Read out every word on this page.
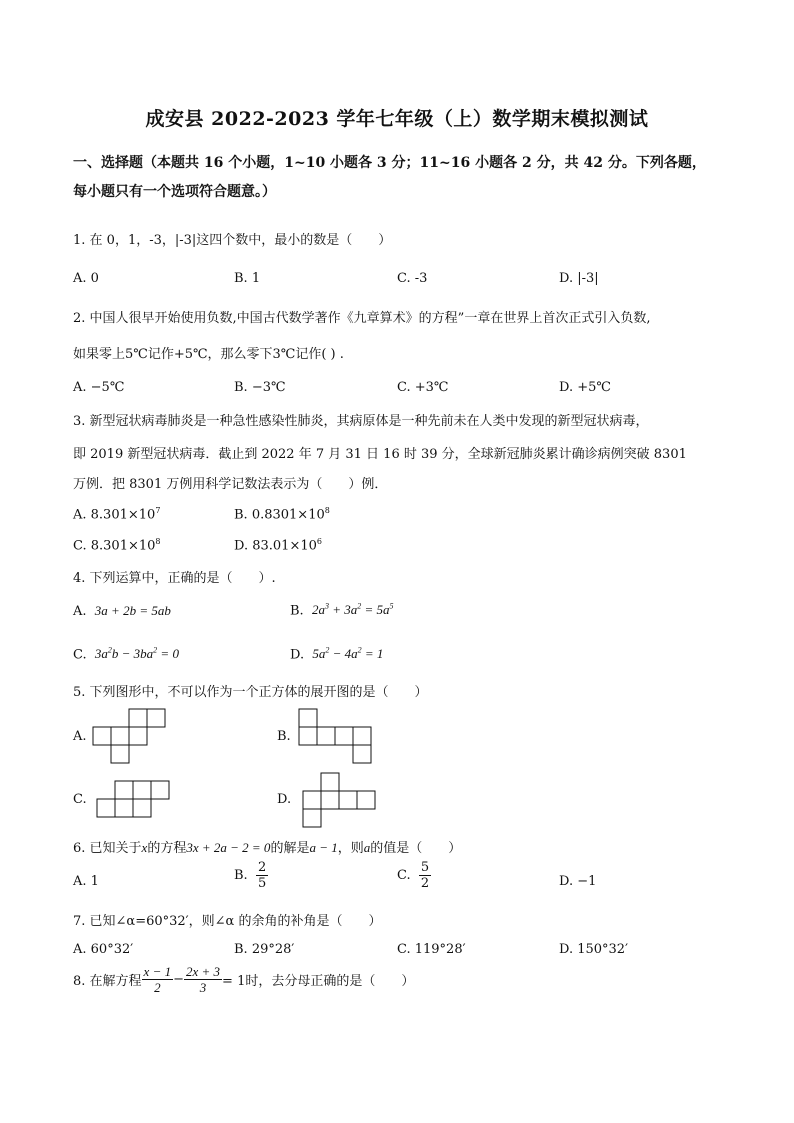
成安县 2022-2023 学年七年级（上）数学期末模拟测试
一、选择题（本题共 16 个小题，1~10 小题各 3 分；11~16 小题各 2 分，共 42 分。下列各题，
每小题只有一个选项符合题意。）
1. 在 0，1，-3，|-3|这四个数中，最小的数是（　　）
A. 0	B. 1	C. -3	D. |-3|
2. 中国人很早开始使用负数,中国古代数学著作《九章算术》的方程”一章在世界上首次正式引入负数,
如果零上5℃记作+5℃，那么零下3℃记作( ) .
A. −5℃	B. −3℃	C. +3℃	D. +5℃
3. 新型冠状病毒肺炎是一种急性感染性肺炎，其病原体是一种先前未在人类中发现的新型冠状病毒，
即 2019 新型冠状病毒．截止到 2022 年 7 月 31 日 16 时 39 分，全球新冠肺炎累计确诊病例突破 8301
万例．把 8301 万例用科学记数法表示为（　　）例．
A. $8.301\times 10^7$	B. $0.8301\times 10^8$
C. $8.301\times 10^8$	D. $83.01\times 10^6$
4. 下列运算中，正确的是（　　）.
A. 3a + 2b = 5ab	B. $2a^3 + 3a^2 = 5a^5$
C. $3a^2b - 3ba^2 = 0$	D. $5a^2 - 4a^2 = 1$
5. 下列图形中，不可以作为一个正方体的展开图的是（　　）
A.	B.
C.	D.
6. 已知关于x的方程3x + 2a − 2 = 0的解是a − 1，则a的值是（　　）
A. 1	B. $\frac{2}{5}$	C. $\frac{5}{2}$	D. −1
7. 已知∠α=60°32′，则∠α 的余角的补角是（　　）
A. 60°32′	B. 29°28′	C. 119°28′	D. 150°32′
8. 在解方程 $\frac{x - 1}{2} - \frac{2x + 3}{3} = 1$时，去分母正确的是（　　）
